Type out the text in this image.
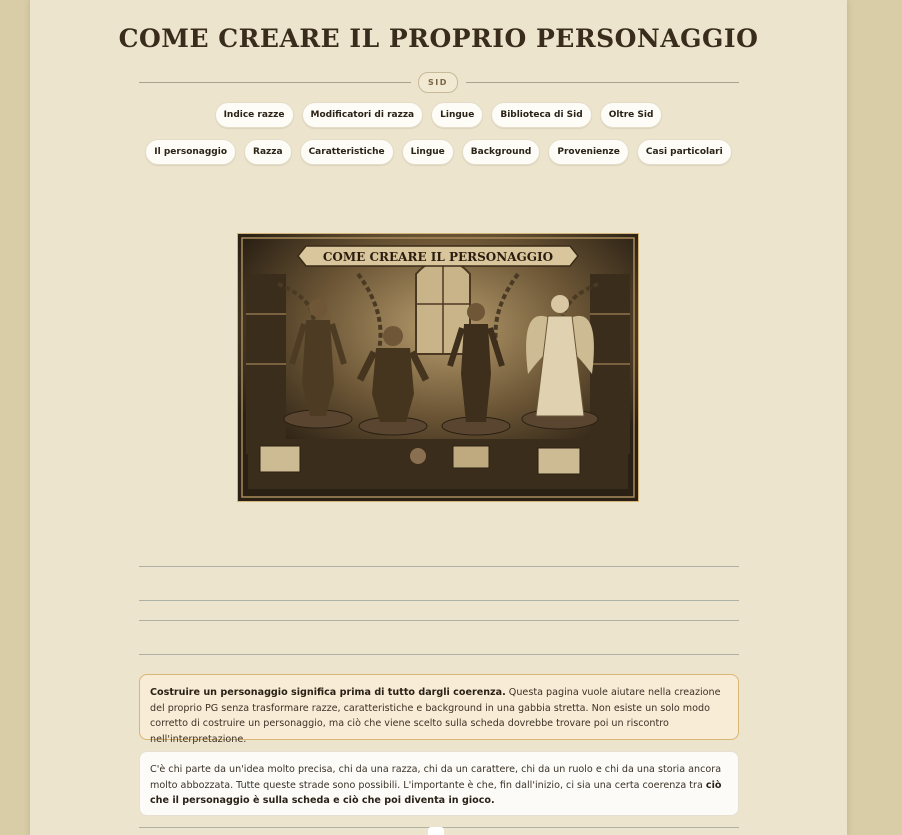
COME CREARE IL PROPRIO PERSONAGGIO
SID
Indice razze	Modificatori di razza	Lingue	Biblioteca di Sid	Oltre Sid
Il personaggio	Razza	Caratteristiche	Lingue	Background	Provenienze	Casi particolari
COME CREARE IL PERSONAGGIO
Costruire un personaggio significa prima di tutto dargli coerenza. Questa pagina vuole aiutare nella creazione del proprio PG senza trasformare razze, caratteristiche e background in una gabbia stretta. Non esiste un solo modo corretto di costruire un personaggio, ma ciò che viene scelto sulla scheda dovrebbe trovare poi un riscontro nell'interpretazione.
C'è chi parte da un'idea molto precisa, chi da una razza, chi da un carattere, chi da un ruolo e chi da una storia ancora molto abbozzata. Tutte queste strade sono possibili. L'importante è che, fin dall'inizio, ci sia una certa coerenza tra ciò che il personaggio è sulla scheda e ciò che poi diventa in gioco.
